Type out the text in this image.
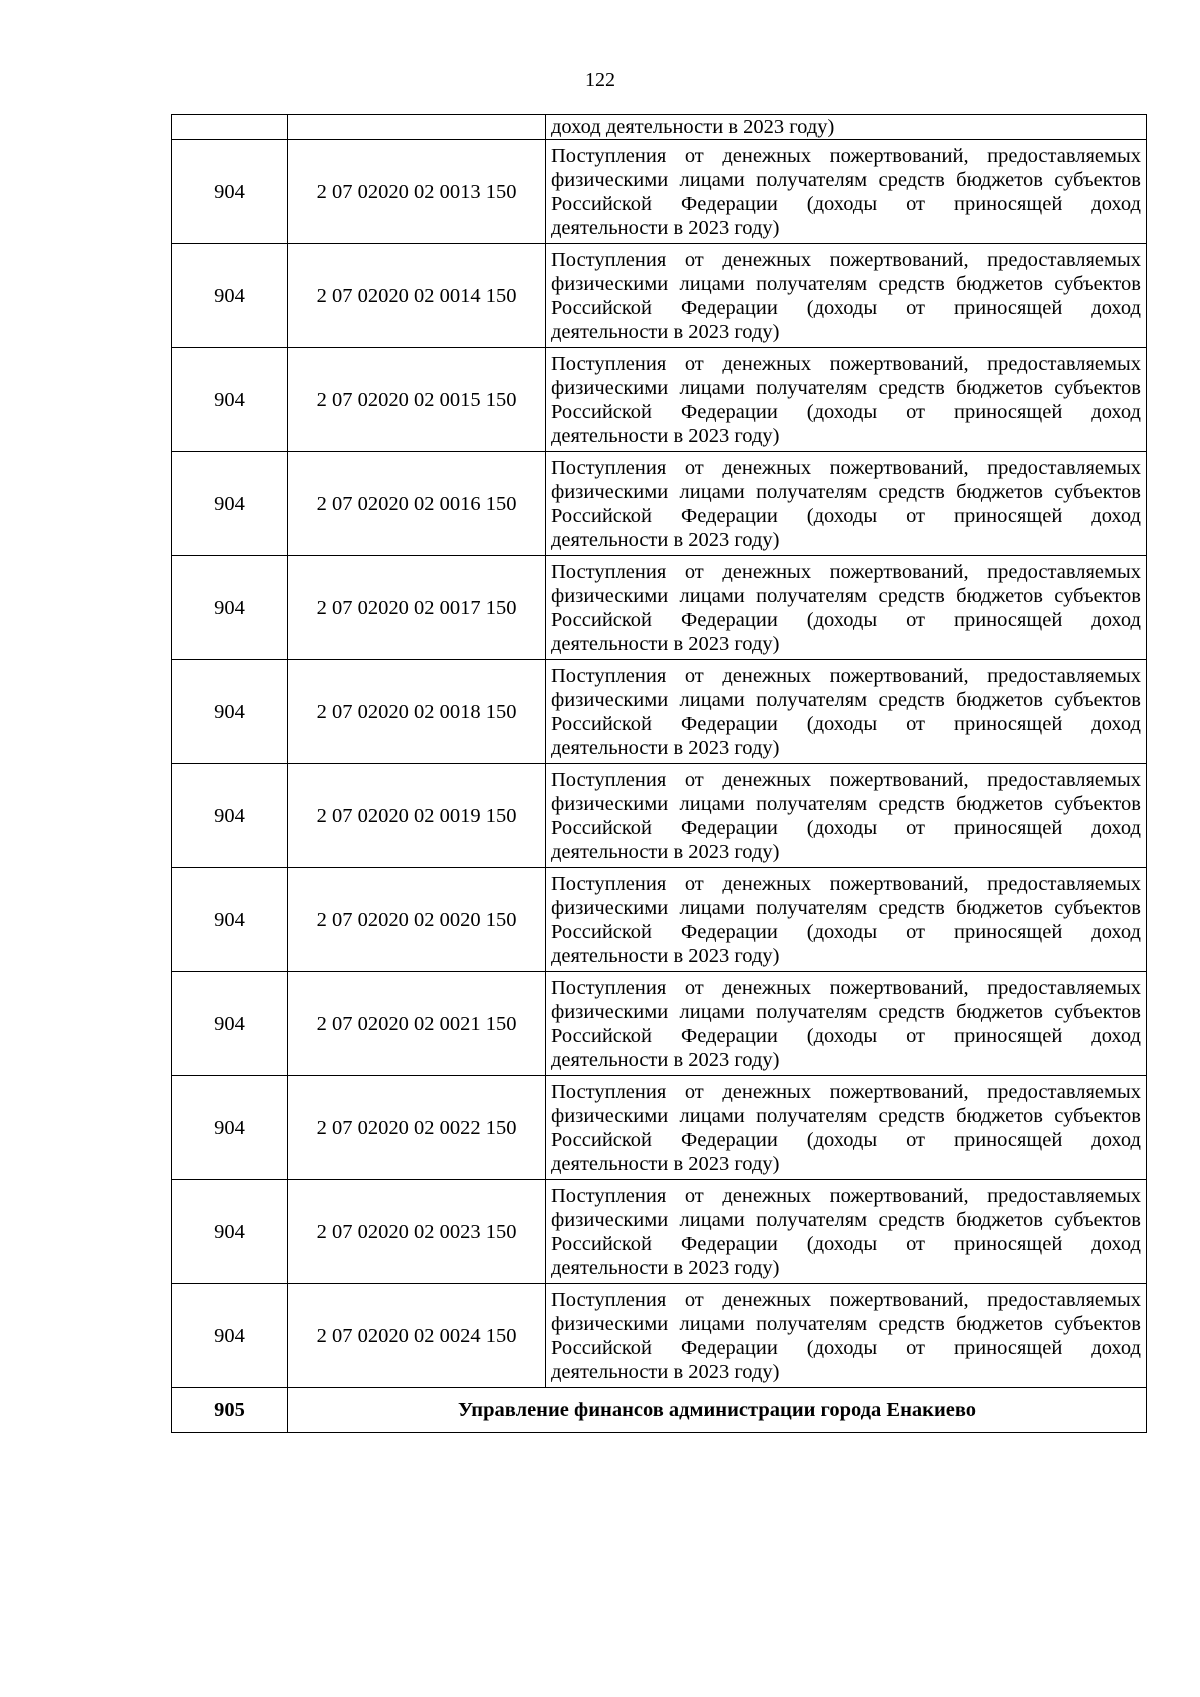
122
		доход деятельности в 2023 году)
904	2 07 02020 02 0013 150	Поступления от денежных пожертвований, предоставляемых физическими лицами получателям средств бюджетов субъектов Российской Федерации (доходы от приносящей доход деятельности в 2023 году)
904	2 07 02020 02 0014 150	Поступления от денежных пожертвований, предоставляемых физическими лицами получателям средств бюджетов субъектов Российской Федерации (доходы от приносящей доход деятельности в 2023 году)
904	2 07 02020 02 0015 150	Поступления от денежных пожертвований, предоставляемых физическими лицами получателям средств бюджетов субъектов Российской Федерации (доходы от приносящей доход деятельности в 2023 году)
904	2 07 02020 02 0016 150	Поступления от денежных пожертвований, предоставляемых физическими лицами получателям средств бюджетов субъектов Российской Федерации (доходы от приносящей доход деятельности в 2023 году)
904	2 07 02020 02 0017 150	Поступления от денежных пожертвований, предоставляемых физическими лицами получателям средств бюджетов субъектов Российской Федерации (доходы от приносящей доход деятельности в 2023 году)
904	2 07 02020 02 0018 150	Поступления от денежных пожертвований, предоставляемых физическими лицами получателям средств бюджетов субъектов Российской Федерации (доходы от приносящей доход деятельности в 2023 году)
904	2 07 02020 02 0019 150	Поступления от денежных пожертвований, предоставляемых физическими лицами получателям средств бюджетов субъектов Российской Федерации (доходы от приносящей доход деятельности в 2023 году)
904	2 07 02020 02 0020 150	Поступления от денежных пожертвований, предоставляемых физическими лицами получателям средств бюджетов субъектов Российской Федерации (доходы от приносящей доход деятельности в 2023 году)
904	2 07 02020 02 0021 150	Поступления от денежных пожертвований, предоставляемых физическими лицами получателям средств бюджетов субъектов Российской Федерации (доходы от приносящей доход деятельности в 2023 году)
904	2 07 02020 02 0022 150	Поступления от денежных пожертвований, предоставляемых физическими лицами получателям средств бюджетов субъектов Российской Федерации (доходы от приносящей доход деятельности в 2023 году)
904	2 07 02020 02 0023 150	Поступления от денежных пожертвований, предоставляемых физическими лицами получателям средств бюджетов субъектов Российской Федерации (доходы от приносящей доход деятельности в 2023 году)
904	2 07 02020 02 0024 150	Поступления от денежных пожертвований, предоставляемых физическими лицами получателям средств бюджетов субъектов Российской Федерации (доходы от приносящей доход деятельности в 2023 году)
905	Управление финансов администрации города Енакиево	
